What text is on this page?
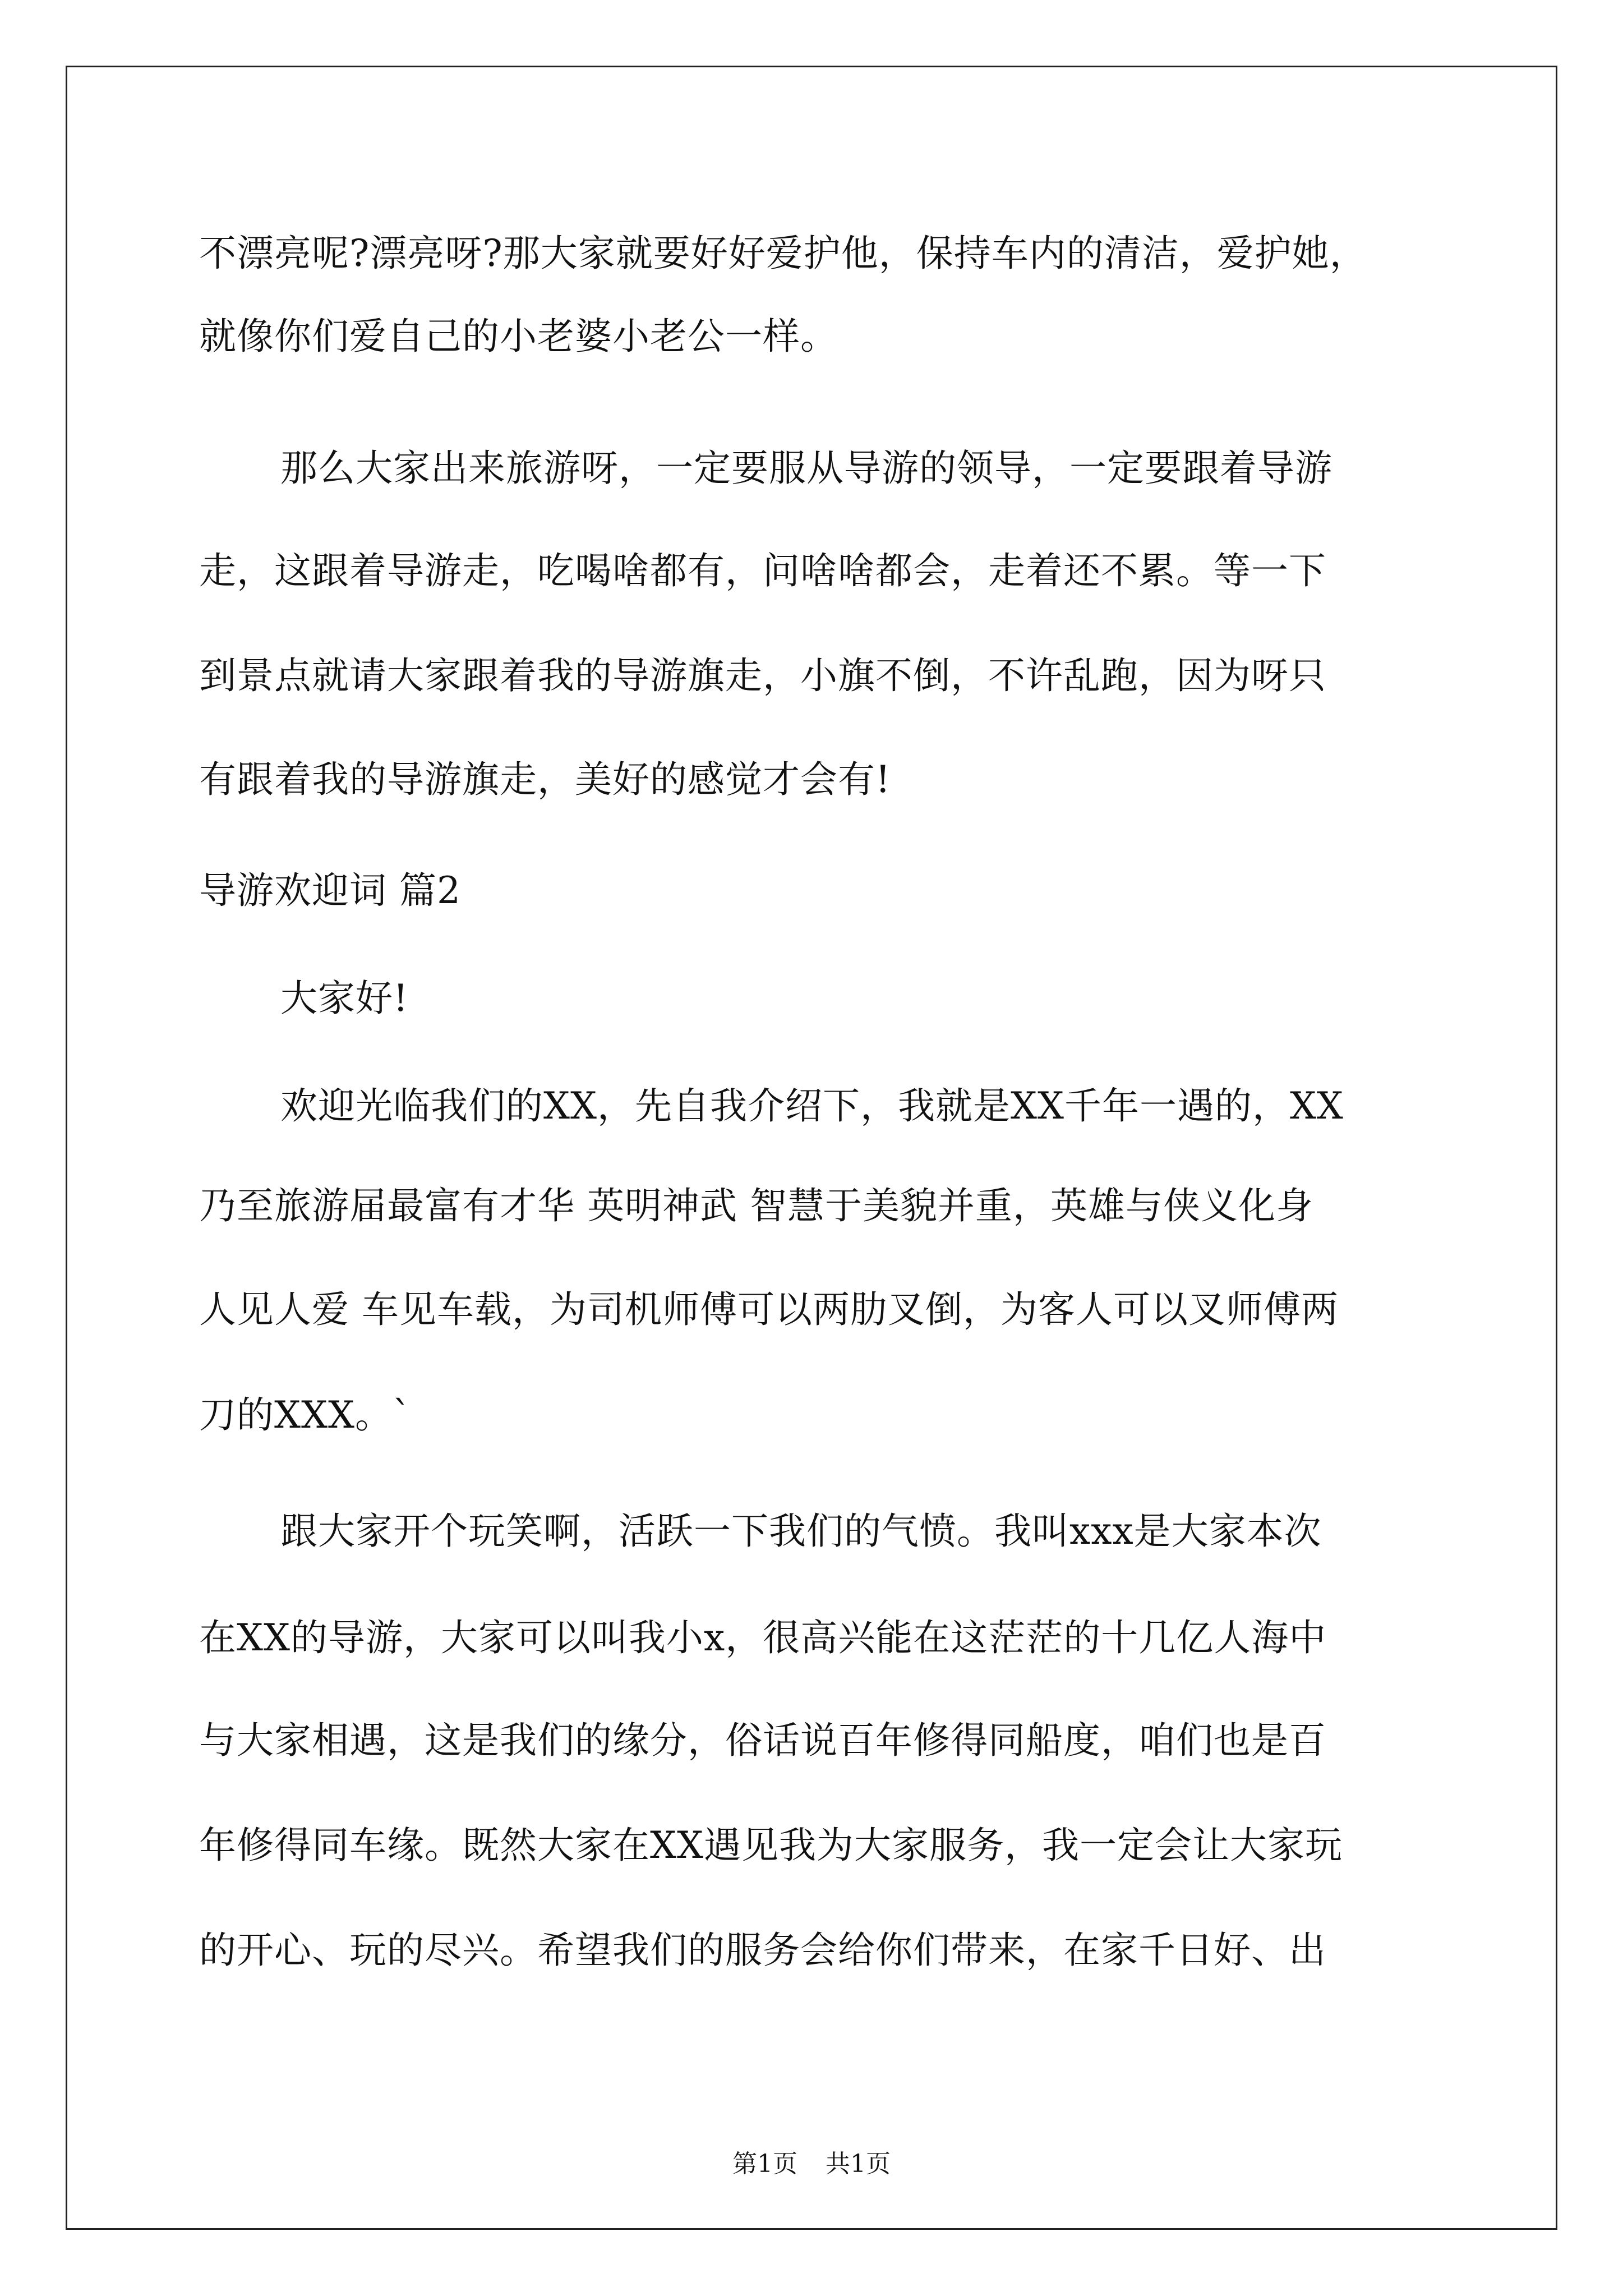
不漂亮呢?漂亮呀?那大家就要好好爱护他，保持车内的清洁，爱护她，
就像你们爱自己的小老婆小老公一样。
那么大家出来旅游呀，一定要服从导游的领导，一定要跟着导游
走，这跟着导游走，吃喝啥都有，问啥啥都会，走着还不累。等一下
到景点就请大家跟着我的导游旗走，小旗不倒，不许乱跑，因为呀只
有跟着我的导游旗走，美好的感觉才会有!
导游欢迎词 篇2
大家好!
欢迎光临我们的XX，先自我介绍下，我就是XX千年一遇的，XX
乃至旅游届最富有才华 英明神武 智慧于美貌并重，英雄与侠义化身
人见人爱 车见车载，为司机师傅可以两肋叉倒，为客人可以叉师傅两
刀的XXX。`
跟大家开个玩笑啊，活跃一下我们的气愤。我叫xxx是大家本次
在XX的导游，大家可以叫我小x，很高兴能在这茫茫的十几亿人海中
与大家相遇，这是我们的缘分，俗话说百年修得同船度，咱们也是百
年修得同车缘。既然大家在XX遇见我为大家服务，我一定会让大家玩
的开心、玩的尽兴。希望我们的服务会给你们带来，在家千日好、出
第1页 共1页
